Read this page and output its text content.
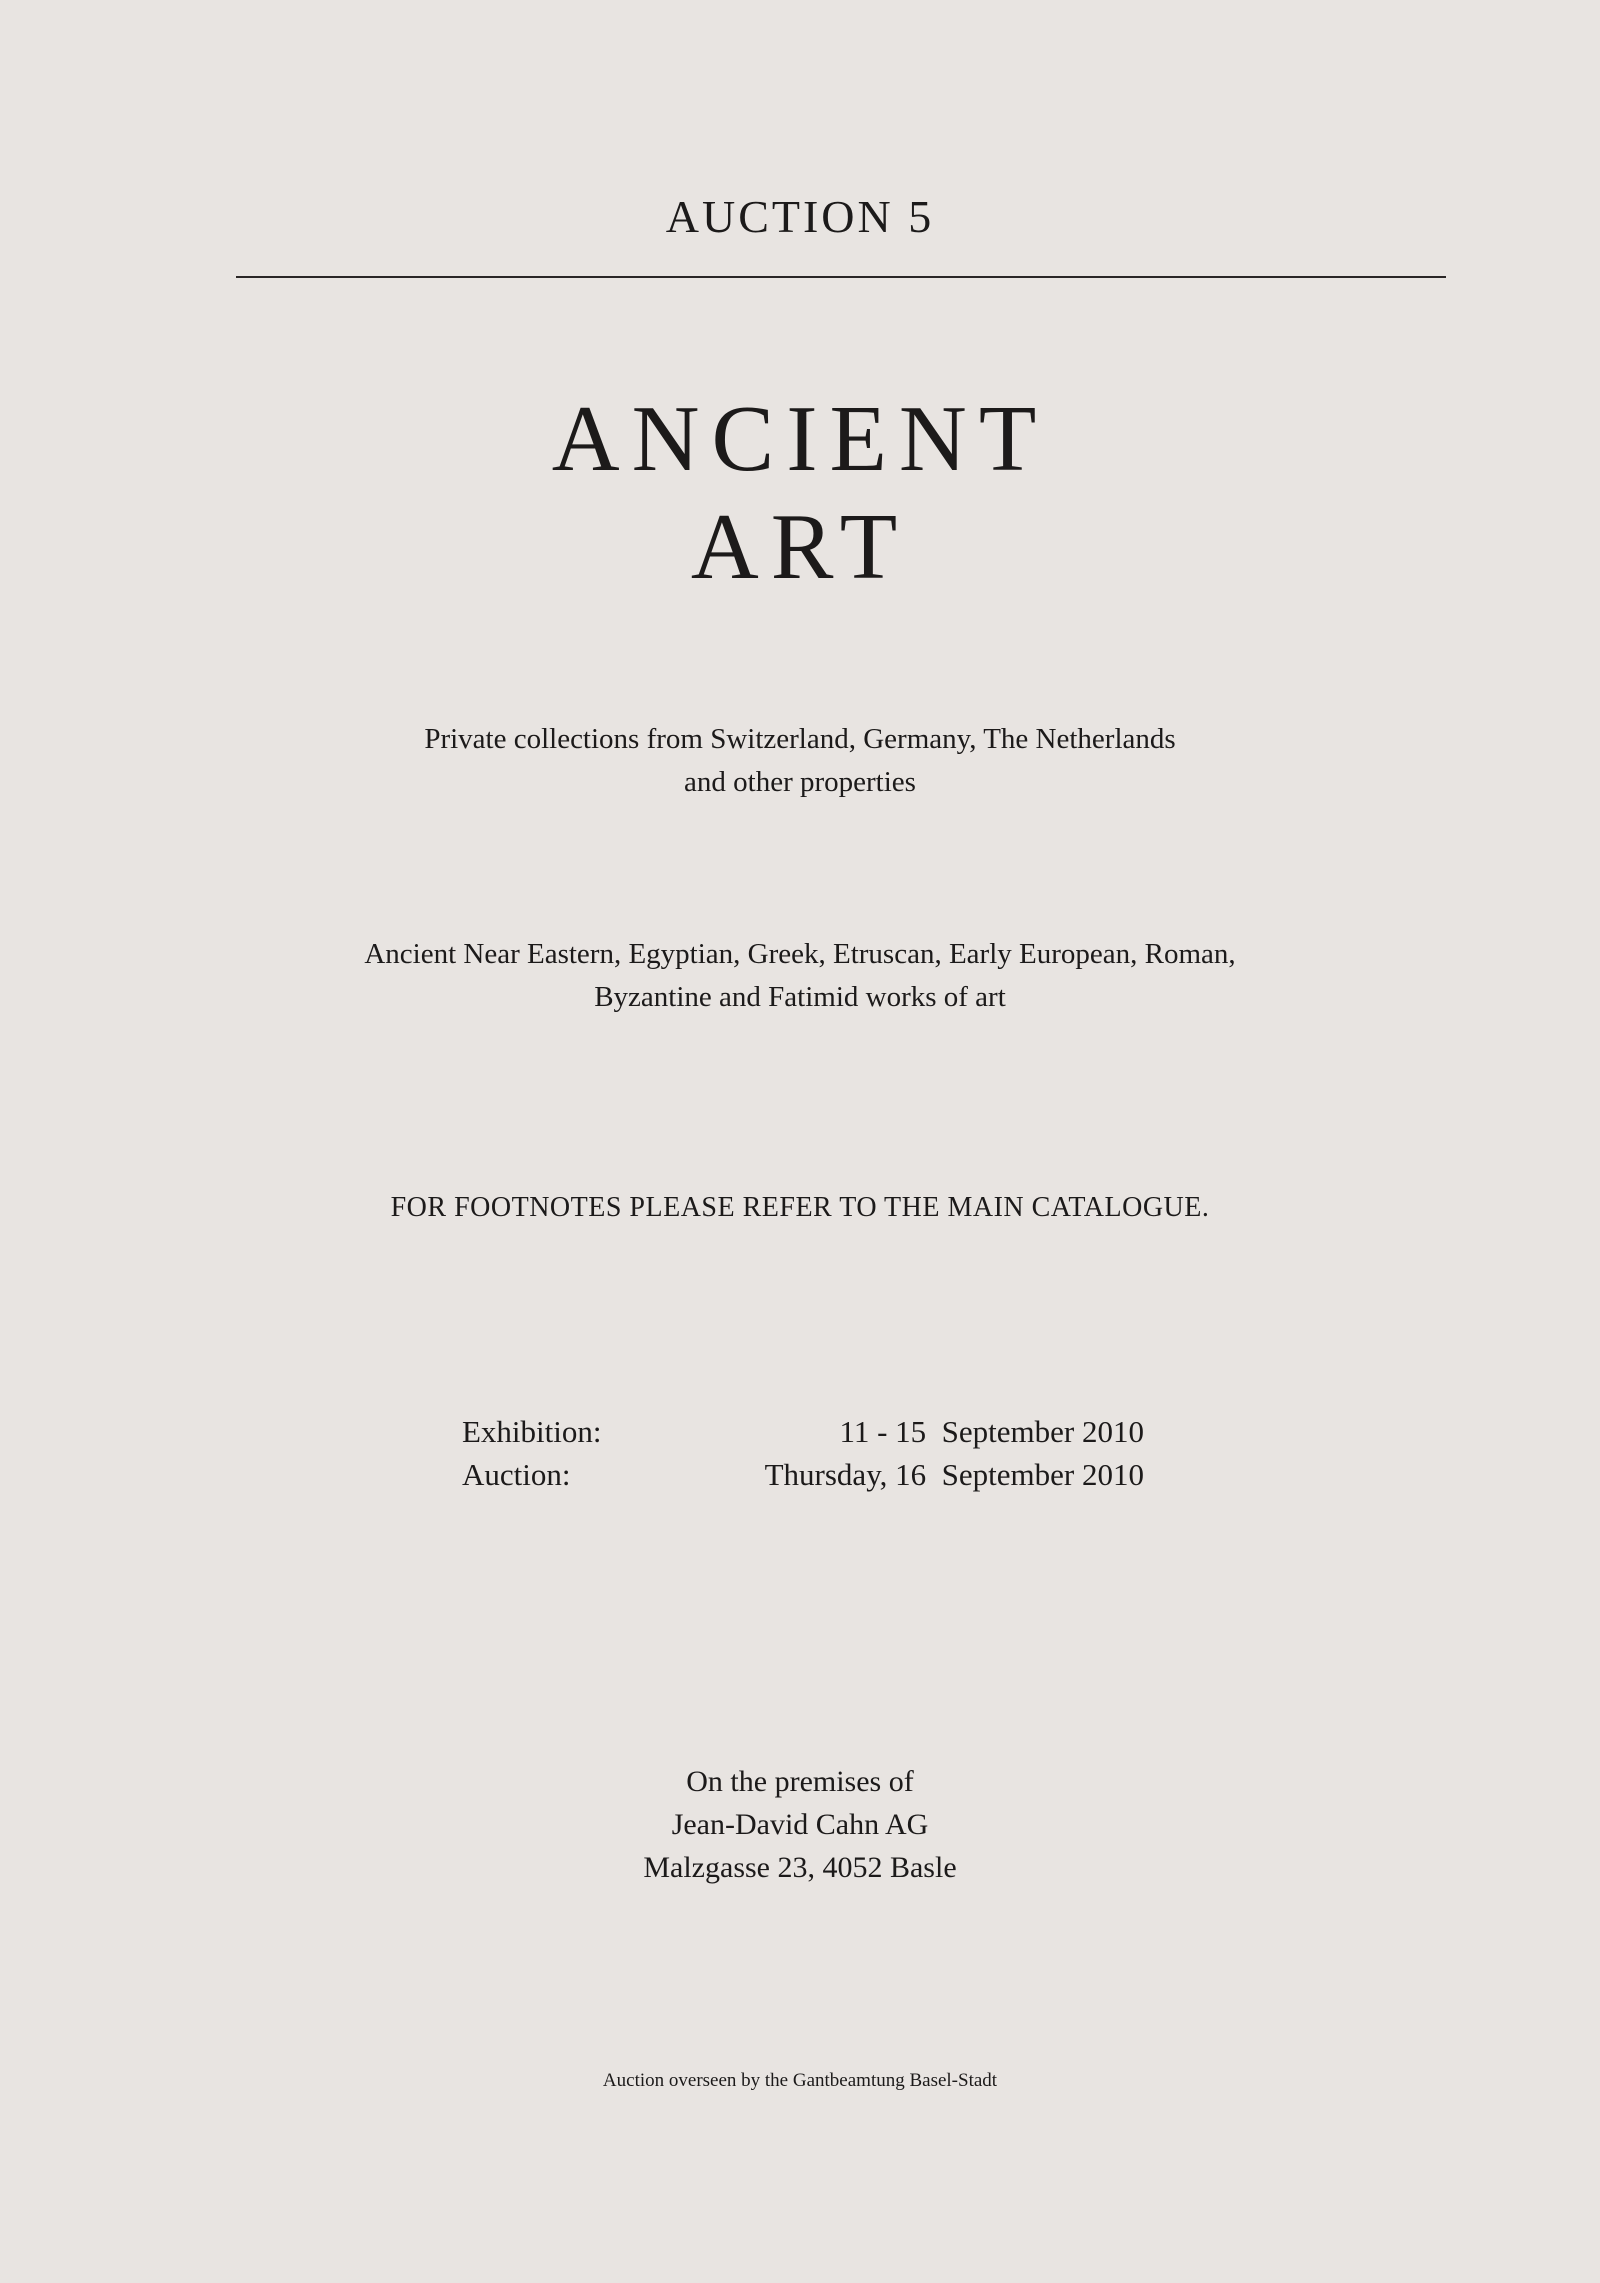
AUCTION 5
ANCIENT
ART
Private collections from Switzerland, Germany, The Netherlands
and other properties
Ancient Near Eastern, Egyptian, Greek, Etruscan, Early European, Roman,
Byzantine and Fatimid works of art
FOR FOOTNOTES PLEASE REFER TO THE MAIN CATALOGUE.
Exhibition:	11 - 15  September 2010
Auction:	Thursday, 16  September 2010
On the premises of
Jean-David Cahn AG
Malzgasse 23, 4052 Basle
Auction overseen by the Gantbeamtung Basel-Stadt
